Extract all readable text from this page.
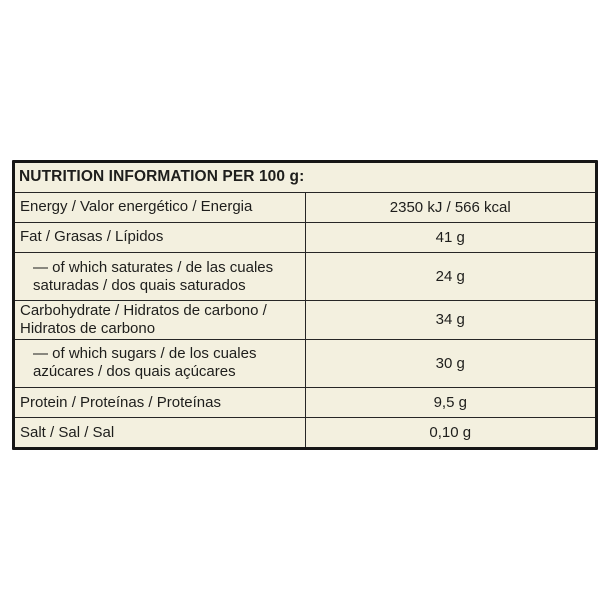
NUTRITION INFORMATION PER 100 g:	
Energy / Valor energético / Energia	2350 kJ / 566 kcal
Fat / Grasas / Lípidos	41 g
— of which saturates / de las cuales saturadas / dos quais saturados	24 g
Carbohydrate / Hidratos de carbono / Hidratos de carbono	34 g
— of which sugars / de los cuales azúcares / dos quais açúcares	30 g
Protein / Proteínas / Proteínas	9,5 g
Salt / Sal / Sal	0,10 g
